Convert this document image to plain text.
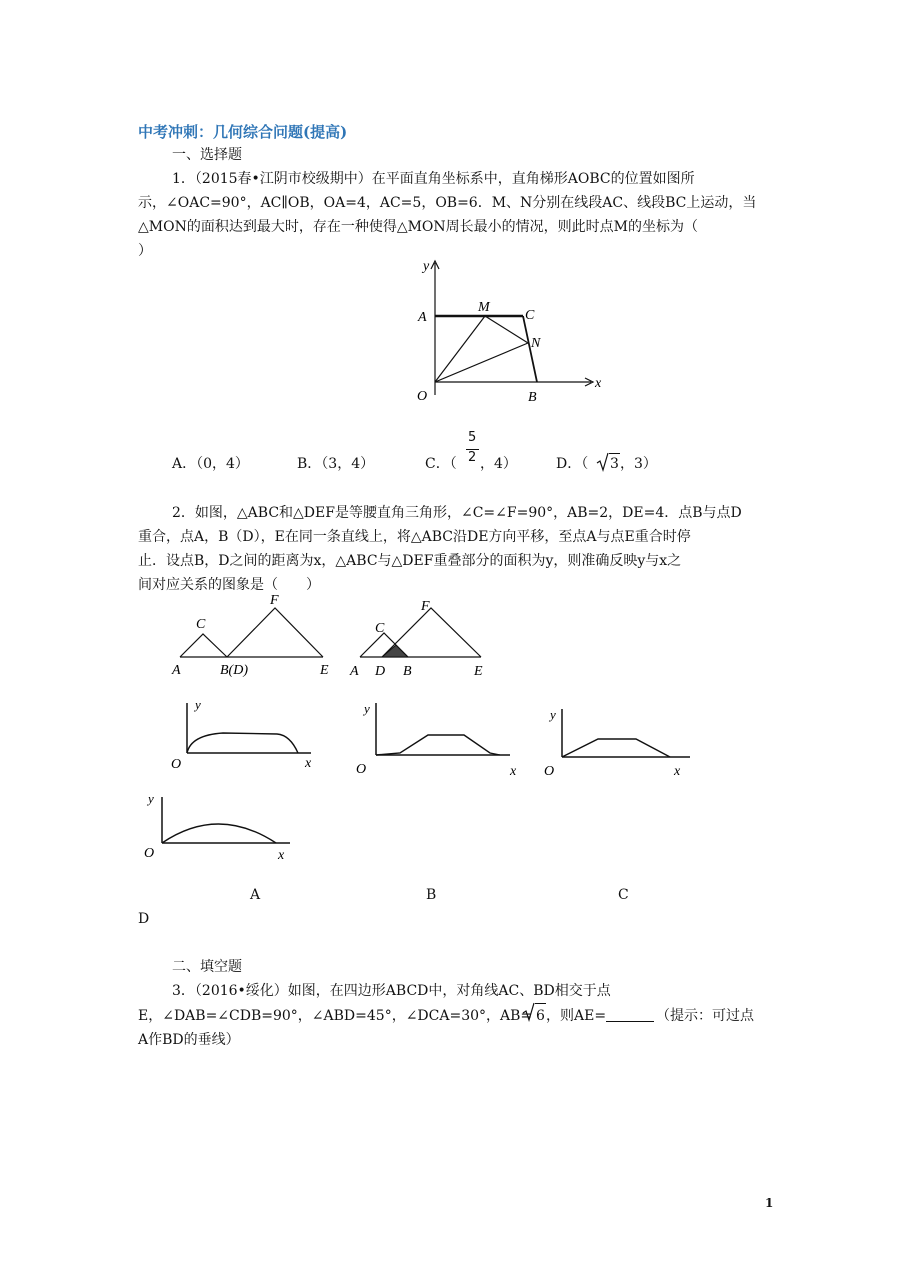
中考冲刺：几何综合问题(提高)
一、选择题
1．（2015春•江阴市校级期中）在平面直角坐标系中，直角梯形AOBC的位置如图所
示，∠OAC=90°，AC∥OB，OA=4，AC=5，OB=6．M、N分别在线段AC、线段BC上运动，当
△MON的面积达到最大时，存在一种使得△MON周长最小的情况，则此时点M的坐标为（
）
y
x
A
M
C
N
O	B
A．（0，4）	B．（3，4）	C．（
5
2 ，4）	D．（ 3 ，3）
2．如图，△ABC和△DEF是等腰直角三角形，∠C=∠F=90°，AB=2，DE=4．点B与点D
重合，点A，B（D），E在同一条直线上，将△ABC沿DE方向平移，至点A与点E重合时停
止．设点B，D之间的距离为x，△ABC与△DEF重叠部分的面积为y，则准确反映y与x之
间对应关系的图象是（　　）
C
F
A	B(D)	E
C
F
A D B	E
y
O	x
y
O	x
y
O	x
y
O	x
A	B	C
D
二、填空题
3．（2016•绥化）如图，在四边形ABCD中，对角线AC、BD相交于点
E，∠DAB=∠CDB=90°，∠ABD=45°，∠DCA=30°，AB= 6 ，则AE=	（提示：可过点
A作BD的垂线）
1
